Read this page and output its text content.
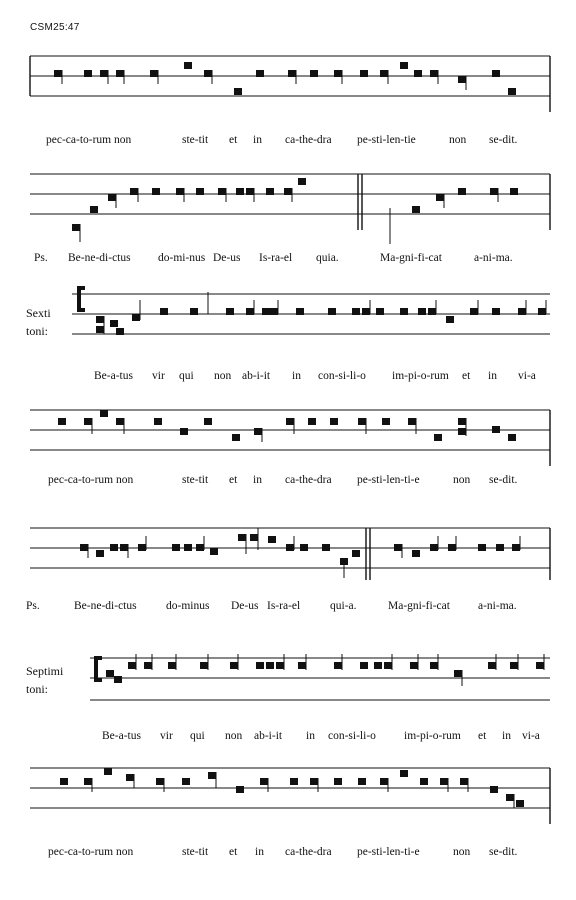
CSM25:47
pec-ca-to-rum non	ste-tit et in ca-the-dra pe-sti-len-tie	non se-dit.
Ps. Be-ne-di-ctus do-mi-nus De-us Is-ra-el quia.	Ma-gni-fi-cat	a-ni-ma.
Sexti toni:
Be-a-tus vir qui non ab-i-it in con-si-li-o im-pi-o-rum et in vi-a
pec-ca-to-rum non	ste-tit et in ca-the-dra pe-sti-len-ti-e	non se-dit.
Ps.	Be-ne-di-ctus	do-minus De-us Is-ra-el	qui-a.	Ma-gni-fi-cat a-ni-ma.
Septimi toni:
Be-a-tus vir qui non ab-i-it in con-si-li-o im-pi-o-rum et in vi-a
pec-ca-to-rum non	ste-tit et in ca-the-dra pe-sti-len-ti-e	non se-dit.
